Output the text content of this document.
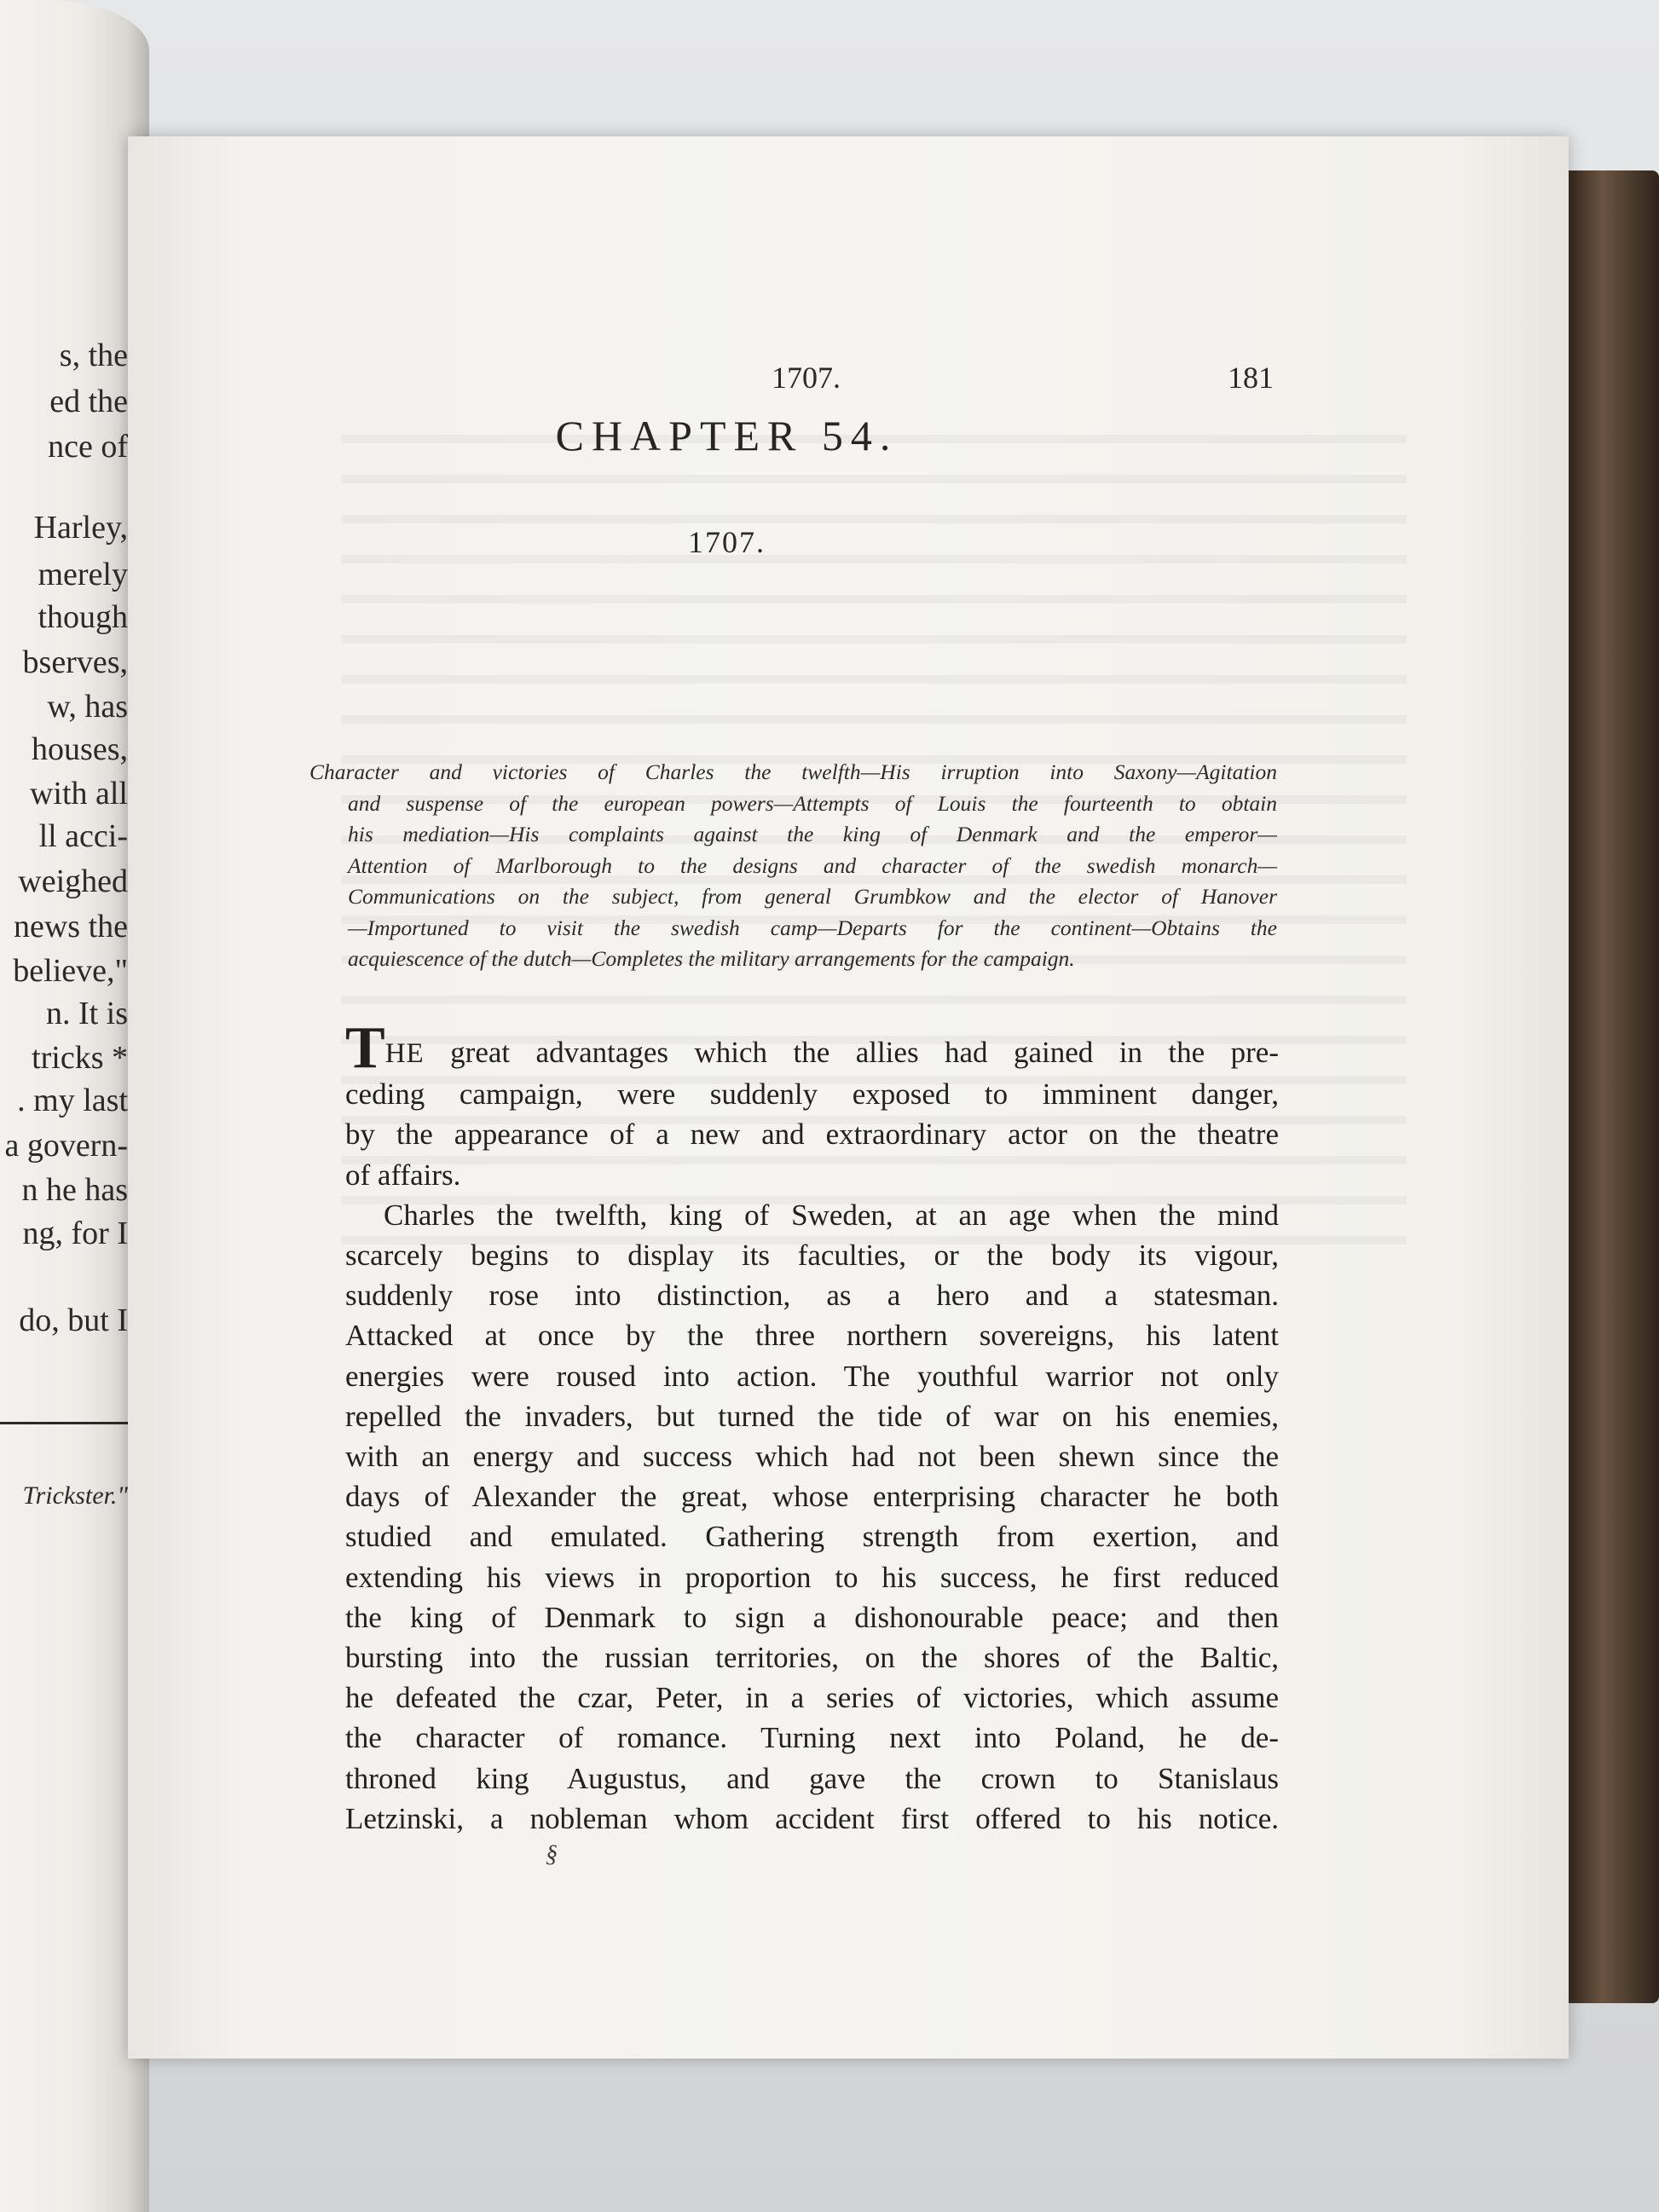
s, the
ed the
nce of
Harley,
merely
though
bserves,
w, has
houses,
with all
ll acci-
weighed
news the
believe,"
n. It is
tricks *
. my last
a govern-
n he has
ng, for I
do, but I
Trickster."
1707.	181
CHAPTER 54.
1707.
Character and victories of Charles the twelfth—His irruption into Saxony—Agitation
and suspense of the european powers—Attempts of Louis the fourteenth to obtain
his mediation—His complaints against the king of Denmark and the emperor—
Attention of Marlborough to the designs and character of the swedish monarch—
Communications on the subject, from general Grumbkow and the elector of Hanover
—Importuned to visit the swedish camp—Departs for the continent—Obtains the
acquiescence of the dutch—Completes the military arrangements for the campaign.
THE great advantages which the allies had gained in the pre-
ceding campaign, were suddenly exposed to imminent danger,
by the appearance of a new and extraordinary actor on the theatre
of affairs.
Charles the twelfth, king of Sweden, at an age when the mind
scarcely begins to display its faculties, or the body its vigour,
suddenly rose into distinction, as a hero and a statesman.
Attacked at once by the three northern sovereigns, his latent
energies were roused into action. The youthful warrior not only
repelled the invaders, but turned the tide of war on his enemies,
with an energy and success which had not been shewn since the
days of Alexander the great, whose enterprising character he both
studied and emulated. Gathering strength from exertion, and
extending his views in proportion to his success, he first reduced
the king of Denmark to sign a dishonourable peace; and then
bursting into the russian territories, on the shores of the Baltic,
he defeated the czar, Peter, in a series of victories, which assume
the character of romance. Turning next into Poland, he de-
throned king Augustus, and gave the crown to Stanislaus
Letzinski, a nobleman whom accident first offered to his notice.
§
